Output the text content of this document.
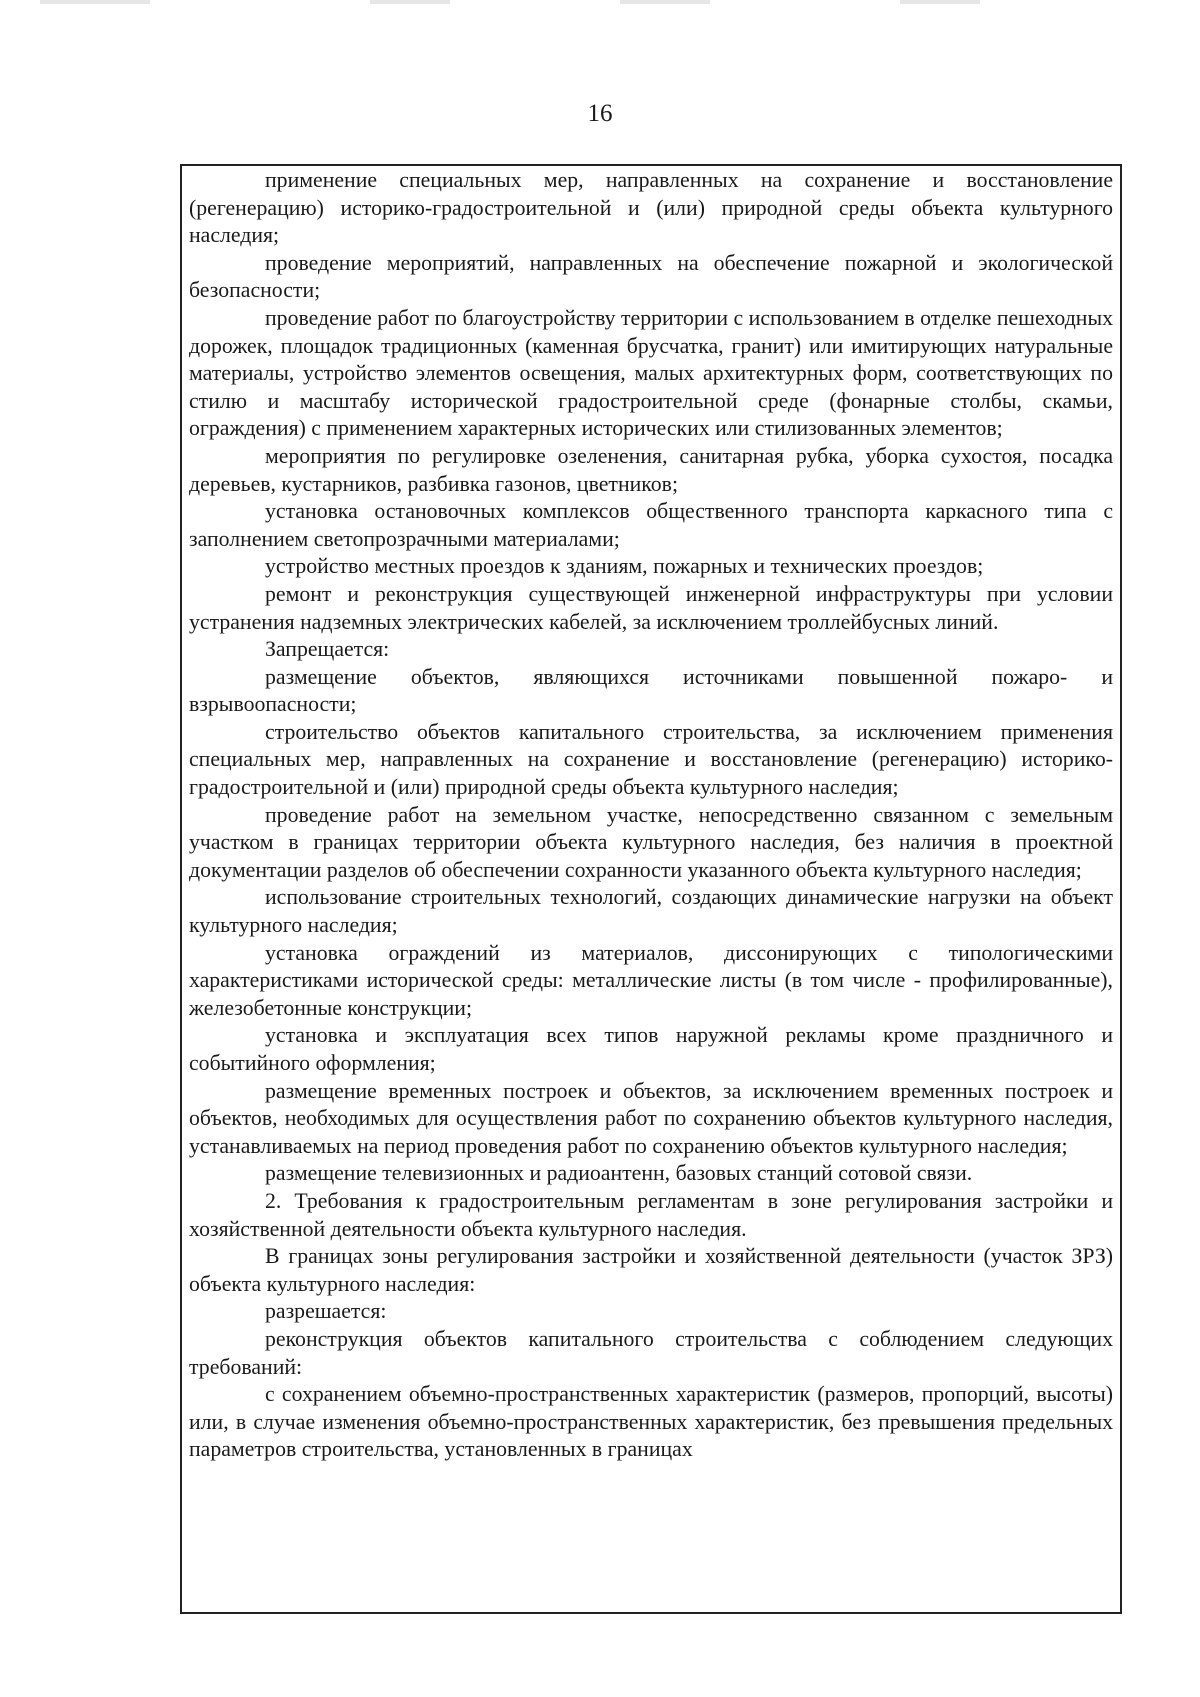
16

применение специальных мер, направленных на сохранение и восстановление (регенерацию) историко-градостроительной и (или) природной среды объекта культурного наследия;

проведение мероприятий, направленных на обеспечение пожарной и экологической безопасности;

проведение работ по благоустройству территории с использованием в отделке пешеходных дорожек, площадок традиционных (каменная брусчатка, гранит) или имитирующих натуральные материалы, устройство элементов освещения, малых архитектурных форм, соответствующих по стилю и масштабу исторической градостроительной среде (фонарные столбы, скамьи, ограждения) с применением характерных исторических или стилизованных элементов;

мероприятия по регулировке озеленения, санитарная рубка, уборка сухостоя, посадка деревьев, кустарников, разбивка газонов, цветников;

установка остановочных комплексов общественного транспорта каркасного типа с заполнением светопрозрачными материалами;

устройство местных проездов к зданиям, пожарных и технических проездов;

ремонт и реконструкция существующей инженерной инфраструктуры при условии устранения надземных электрических кабелей, за исключением троллейбусных линий.

Запрещается:

размещение объектов, являющихся источниками повышенной пожаро- и взрывоопасности;

строительство объектов капитального строительства, за исключением применения специальных мер, направленных на сохранение и восстановление (регенерацию) историко-градостроительной и (или) природной среды объекта культурного наследия;

проведение работ на земельном участке, непосредственно связанном с земельным участком в границах территории объекта культурного наследия, без наличия в проектной документации разделов об обеспечении сохранности указанного объекта культурного наследия;

использование строительных технологий, создающих динамические нагрузки на объект культурного наследия;

установка ограждений из материалов, диссонирующих с типологическими характеристиками исторической среды: металлические листы (в том числе - профилированные), железобетонные конструкции;

установка и эксплуатация всех типов наружной рекламы кроме праздничного и событийного оформления;

размещение временных построек и объектов, за исключением временных построек и объектов, необходимых для осуществления работ по сохранению объектов культурного наследия, устанавливаемых на период проведения работ по сохранению объектов культурного наследия;

размещение телевизионных и радиоантенн, базовых станций сотовой связи.

2. Требования к градостроительным регламентам в зоне регулирования застройки и хозяйственной деятельности объекта культурного наследия.

В границах зоны регулирования застройки и хозяйственной деятельности (участок ЗРЗ) объекта культурного наследия:

разрешается:

реконструкция объектов капитального строительства с соблюдением следующих требований:

с сохранением объемно-пространственных характеристик (размеров, пропорций, высоты) или, в случае изменения объемно-пространственных характеристик, без превышения предельных параметров строительства, установленных в границах
